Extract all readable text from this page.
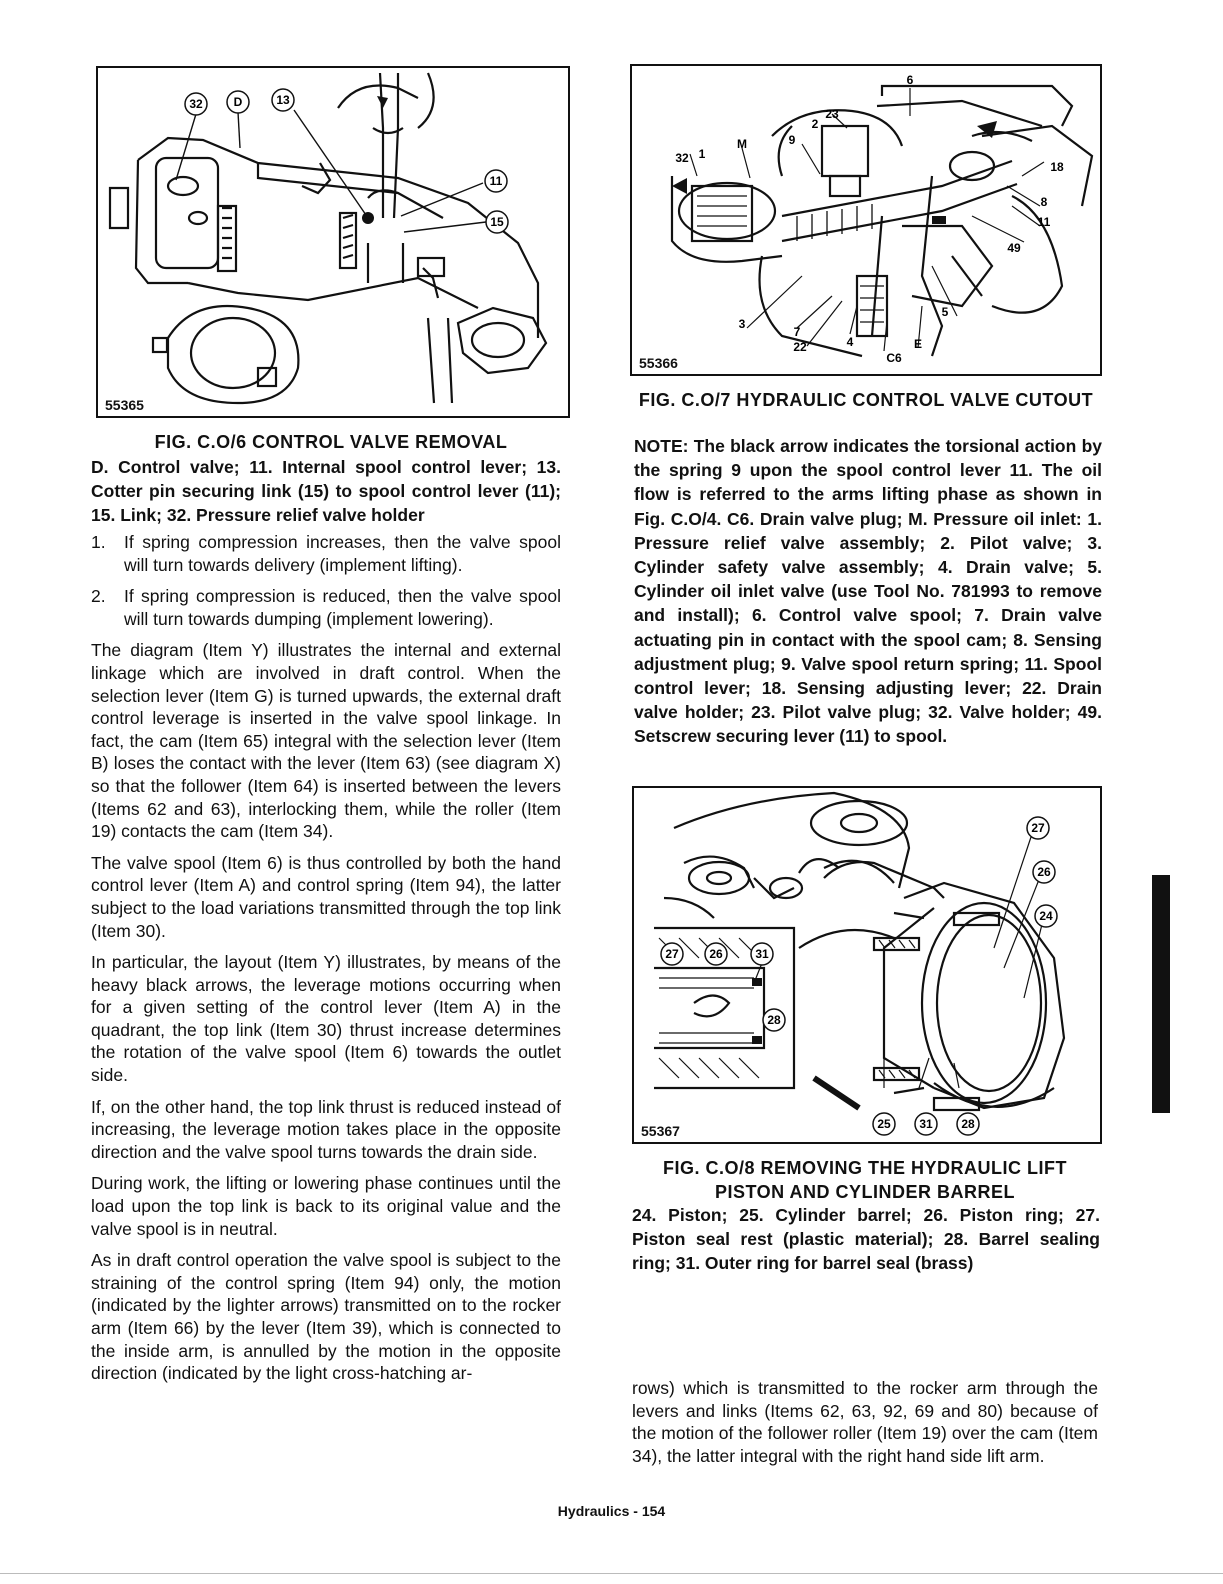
32	D	13
11
15
55365
FIG. C.O/6 CONTROL VALVE REMOVAL
D. Control valve; 11. Internal spool control lever; 13. Cotter pin securing link (15) to spool control lever (11); 15. Link; 32. Pressure relief valve holder
1. If spring compression increases, then the valve spool will turn towards delivery (implement lifting).
2. If spring compression is reduced, then the valve spool will turn towards dumping (implement lowering).

The diagram (Item Y) illustrates the internal and external linkage which are involved in draft control. When the selection lever (Item G) is turned upwards, the external draft control leverage is inserted in the valve spool linkage. In fact, the cam (Item 65) integral with the selection lever (Item B) loses the contact with the lever (Item 63) (see diagram X) so that the follower (Item 64) is inserted between the levers (Items 62 and 63), interlocking them, while the roller (Item 19) contacts the cam (Item 34).

The valve spool (Item 6) is thus controlled by both the hand control lever (Item A) and control spring (Item 94), the latter subject to the load variations transmitted through the top link (Item 30).

In particular, the layout (Item Y) illustrates, by means of the heavy black arrows, the leverage motions occurring when for a given setting of the control lever (Item A) in the quadrant, the top link (Item 30) thrust increase determines the rotation of the valve spool (Item 6) towards the outlet side.

If, on the other hand, the top link thrust is reduced instead of increasing, the leverage motion takes place in the opposite direction and the valve spool turns towards the drain side.

During work, the lifting or lowering phase continues until the load upon the top link is back to its original value and the valve spool is in neutral.

As in draft control operation the valve spool is subject to the straining of the control spring (Item 94) only, the motion (indicated by the lighter arrows) transmitted on to the rocker arm (Item 66) by the lever (Item 39), which is connected to the inside arm, is annulled by the motion in the opposite direction (indicated by the light cross-hatching ar-

6
23
2
9
M
32 1
18
8
11
49
5
3
7
22	4
C6
E
55366
FIG. C.O/7 HYDRAULIC CONTROL VALVE CUTOUT
NOTE: The black arrow indicates the torsional action by the spring 9 upon the spool control lever 11. The oil flow is referred to the arms lifting phase as shown in Fig. C.O/4. C6. Drain valve plug; M. Pressure oil inlet: 1. Pressure relief valve assembly; 2. Pilot valve; 3. Cylinder safety valve assembly; 4. Drain valve; 5. Cylinder oil inlet valve (use Tool No. 781993 to remove and install); 6. Control valve spool; 7. Drain valve actuating pin in contact with the spool cam; 8. Sensing adjustment plug; 9. Valve spool return spring; 11. Spool control lever; 18. Sensing adjusting lever; 22. Drain valve holder; 23. Pilot valve plug; 32. Valve holder; 49. Setscrew securing lever (11) to spool.
27
26
24
27	26	31
28
25 31 28
55367
FIG. C.O/8 REMOVING THE HYDRAULIC LIFT PISTON AND CYLINDER BARREL
24. Piston; 25. Cylinder barrel; 26. Piston ring; 27. Piston seal rest (plastic material); 28. Barrel sealing ring; 31. Outer ring for barrel seal (brass)

rows) which is transmitted to the rocker arm through the levers and links (Items 62, 63, 92, 69 and 80) because of the motion of the follower roller (Item 19) over the cam (Item 34), the latter integral with the right hand side lift arm.

Hydraulics - 154
